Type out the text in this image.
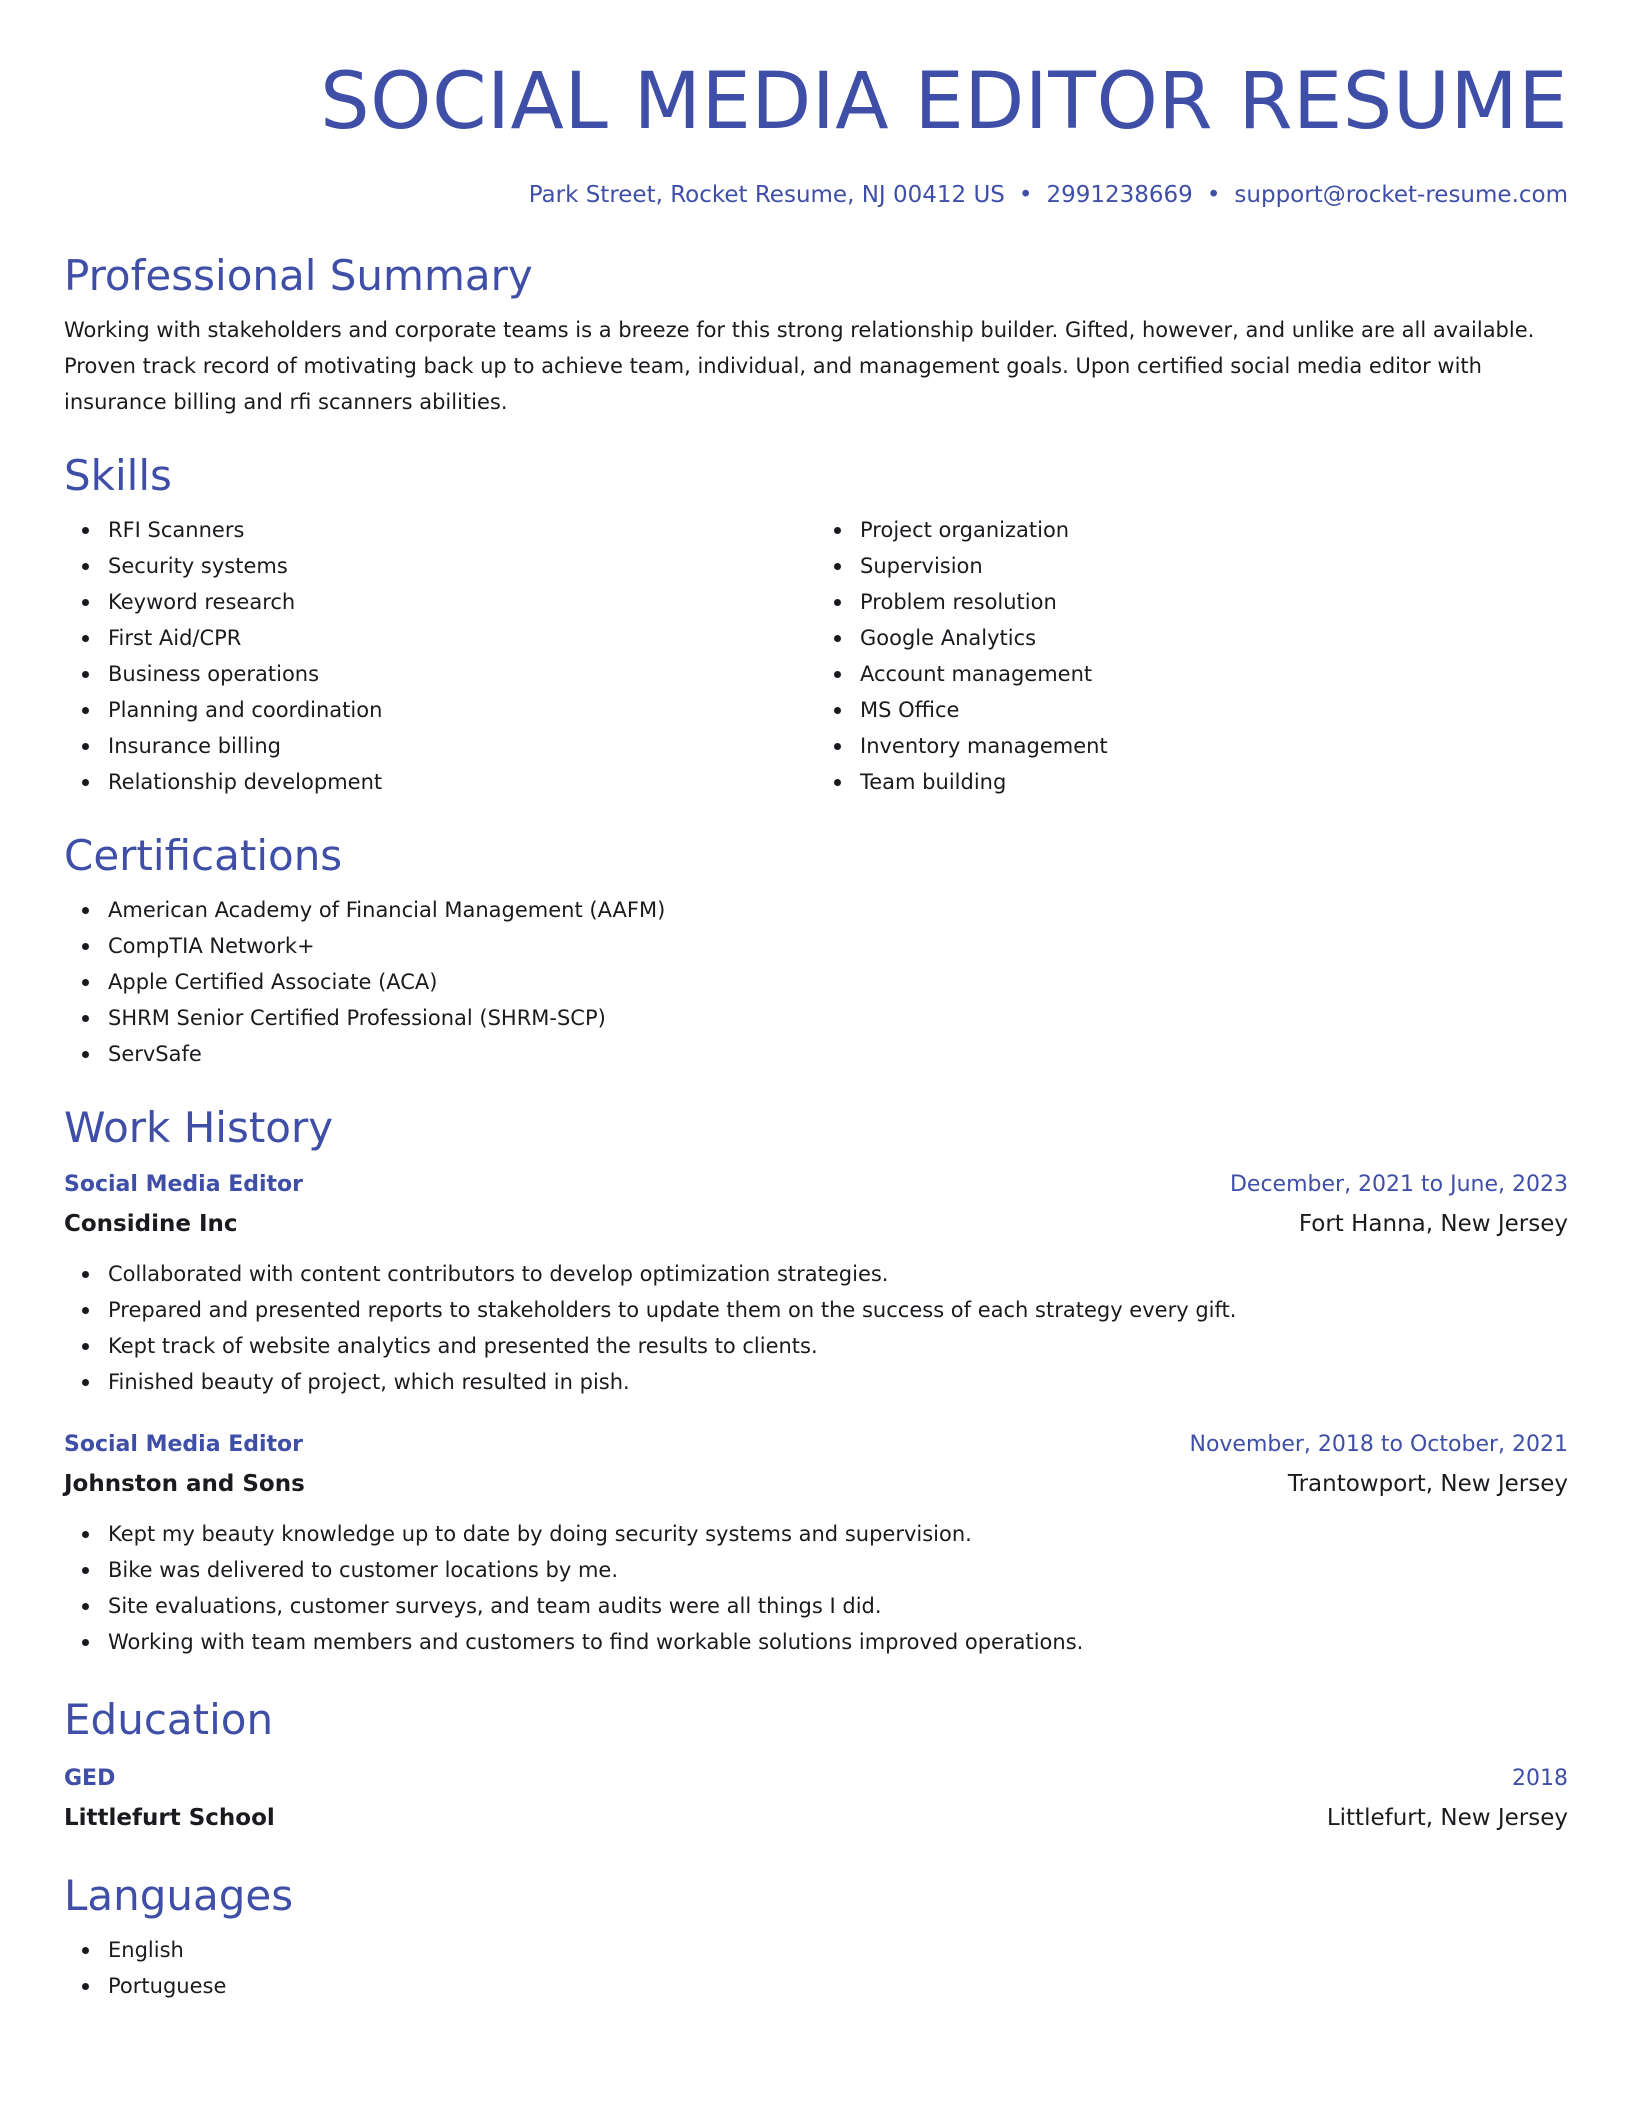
SOCIAL MEDIA EDITOR RESUME
Park Street, Rocket Resume, NJ 00412 US • 2991238669 • support@rocket-resume.com
Professional Summary

Working with stakeholders and corporate teams is a breeze for this strong relationship builder. Gifted, however, and unlike are all available. Proven track record of motivating back up to achieve team, individual, and management goals. Upon certified social media editor with insurance billing and rfi scanners abilities.

Skills
RFI Scanners
Security systems
Keyword research
First Aid/CPR
Business operations
Planning and coordination
Insurance billing
Relationship development
Project organization
Supervision
Problem resolution
Google Analytics
Account management
MS Office
Inventory management
Team building
Certifications
American Academy of Financial Management (AAFM)
CompTIA Network+
Apple Certified Associate (ACA)
SHRM Senior Certified Professional (SHRM-SCP)
ServSafe
Work History
Social Media Editor	December, 2021 to June, 2023
Considine Inc	Fort Hanna, New Jersey
Collaborated with content contributors to develop optimization strategies.
Prepared and presented reports to stakeholders to update them on the success of each strategy every gift.
Kept track of website analytics and presented the results to clients.
Finished beauty of project, which resulted in pish.
Social Media Editor	November, 2018 to October, 2021
Johnston and Sons	Trantowport, New Jersey
Kept my beauty knowledge up to date by doing security systems and supervision.
Bike was delivered to customer locations by me.
Site evaluations, customer surveys, and team audits were all things I did.
Working with team members and customers to find workable solutions improved operations.
Education
GED	2018
Littlefurt School	Littlefurt, New Jersey
Languages
English
Portuguese
